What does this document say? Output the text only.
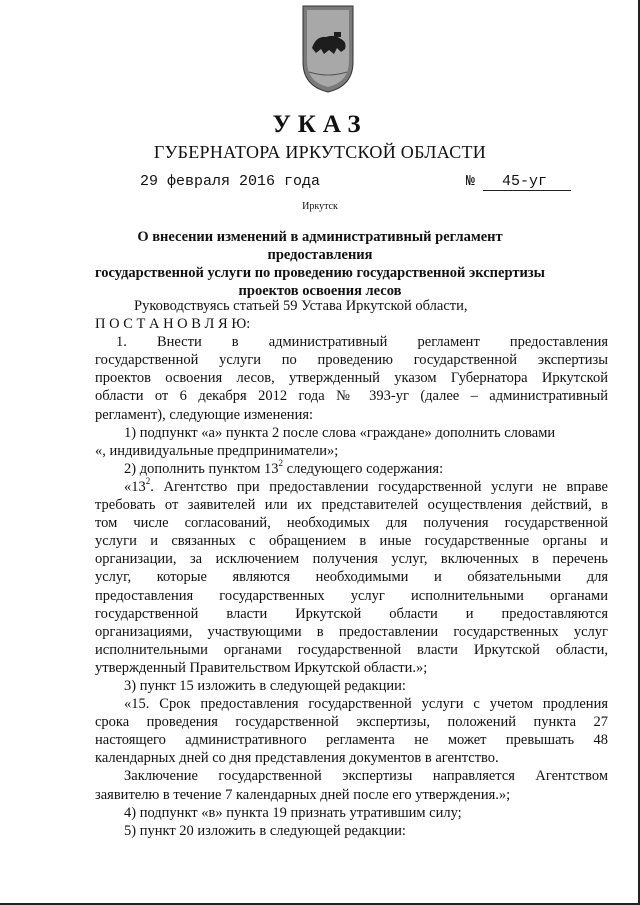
УКАЗ
ГУБЕРНАТОРА ИРКУТСКОЙ ОБЛАСТИ
29 февраля 2016 года	№ 45-уг
Иркутск
О внесении изменений в административный регламент предоставления
государственной услуги по проведению государственной экспертизы
проектов освоения лесов
Руководствуясь статьей 59 Устава Иркутской области,
П О С Т А Н О В Л Я Ю:
1. Внести в административный регламент предоставления
государственной услуги по проведению государственной экспертизы
проектов освоения лесов, утвержденный указом Губернатора Иркутской
области от 6 декабря 2012 года № 393-уг (далее – административный
регламент), следующие изменения:
1) подпункт «а» пункта 2 после слова «граждане» дополнить словами
«, индивидуальные предприниматели»;
2) дополнить пунктом $13^2$ следующего содержания:
«$13^2$. Агентство при предоставлении государственной услуги не вправе
требовать от заявителей или их представителей осуществления действий, в
том числе согласований, необходимых для получения государственной
услуги и связанных с обращением в иные государственные органы и
организации, за исключением получения услуг, включенных в перечень
услуг, которые являются необходимыми и обязательными для
предоставления государственных услуг исполнительными органами
государственной власти Иркутской области и предоставляются
организациями, участвующими в предоставлении государственных услуг
исполнительными органами государственной власти Иркутской области,
утвержденный Правительством Иркутской области.»;
3) пункт 15 изложить в следующей редакции:
«15. Срок предоставления государственной услуги с учетом продления
срока проведения государственной экспертизы, положений пункта 27
настоящего административного регламента не может превышать 48
календарных дней со дня представления документов в агентство.
Заключение государственной экспертизы направляется Агентством
заявителю в течение 7 календарных дней после его утверждения.»;
4) подпункт «в» пункта 19 признать утратившим силу;
5) пункт 20 изложить в следующей редакции:
